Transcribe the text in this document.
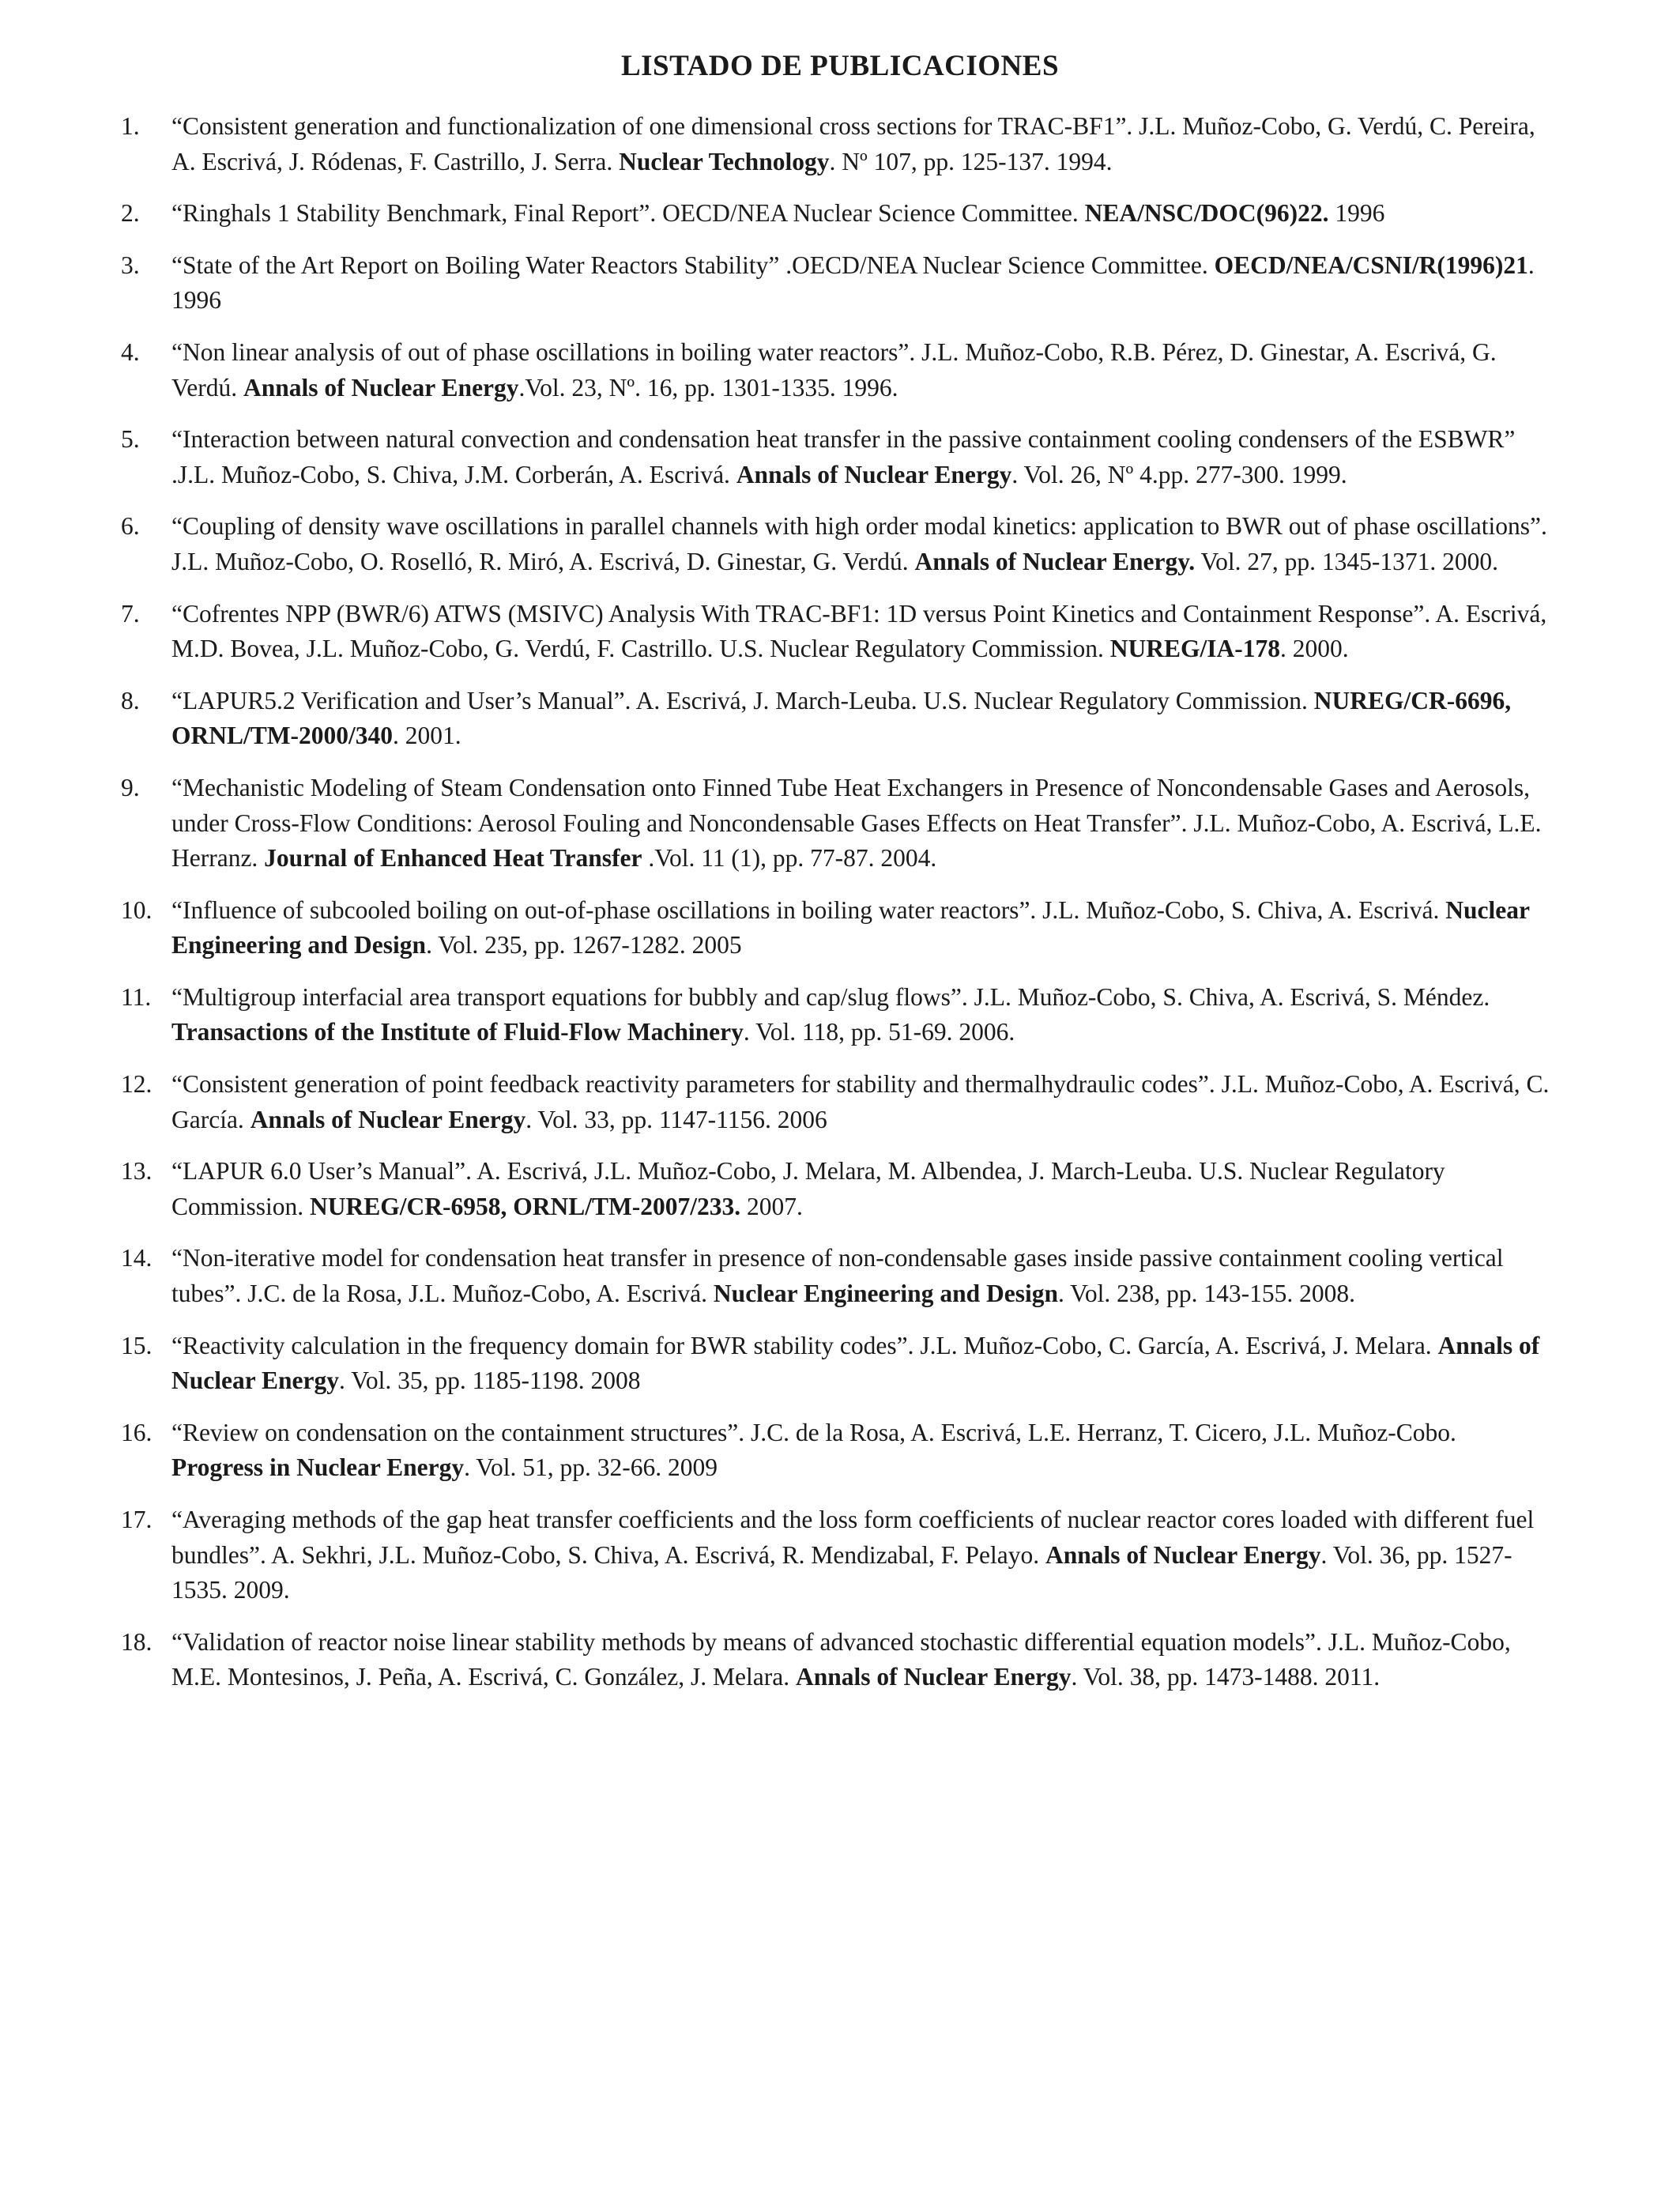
LISTADO DE PUBLICACIONES
1. “Consistent generation and functionalization of one dimensional cross sections for TRAC-BF1”. J.L. Muñoz-Cobo, G. Verdú, C. Pereira, A. Escrivá, J. Ródenas, F. Castrillo, J. Serra. Nuclear Technology. Nº 107, pp. 125-137. 1994.
2. “Ringhals 1 Stability Benchmark, Final Report”. OECD/NEA Nuclear Science Committee. NEA/NSC/DOC(96)22. 1996
3. “State of the Art Report on Boiling Water Reactors Stability” .OECD/NEA Nuclear Science Committee. OECD/NEA/CSNI/R(1996)21. 1996
4. “Non linear analysis of out of phase oscillations in boiling water reactors”. J.L. Muñoz-Cobo, R.B. Pérez, D. Ginestar, A. Escrivá, G. Verdú. Annals of Nuclear Energy.Vol. 23, Nº. 16, pp. 1301-1335. 1996.
5. “Interaction between natural convection and condensation heat transfer in the passive containment cooling condensers of the ESBWR” .J.L. Muñoz-Cobo, S. Chiva, J.M. Corberán, A. Escrivá. Annals of Nuclear Energy. Vol. 26, Nº 4.pp. 277-300. 1999.
6. “Coupling of density wave oscillations in parallel channels with high order modal kinetics: application to BWR out of phase oscillations”. J.L. Muñoz-Cobo, O. Roselló, R. Miró, A. Escrivá, D. Ginestar, G. Verdú. Annals of Nuclear Energy. Vol. 27, pp. 1345-1371. 2000.
7. “Cofrentes NPP (BWR/6) ATWS (MSIVC) Analysis With TRAC-BF1: 1D versus Point Kinetics and Containment Response”. A. Escrivá, M.D. Bovea, J.L. Muñoz-Cobo, G. Verdú, F. Castrillo. U.S. Nuclear Regulatory Commission. NUREG/IA-178. 2000.
8. “LAPUR5.2 Verification and User’s Manual”. A. Escrivá, J. March-Leuba. U.S. Nuclear Regulatory Commission. NUREG/CR-6696, ORNL/TM-2000/340. 2001.
9. “Mechanistic Modeling of Steam Condensation onto Finned Tube Heat Exchangers in Presence of Noncondensable Gases and Aerosols, under Cross-Flow Conditions: Aerosol Fouling and Noncondensable Gases Effects on Heat Transfer”. J.L. Muñoz-Cobo, A. Escrivá, L.E. Herranz. Journal of Enhanced Heat Transfer .Vol. 11 (1), pp. 77-87. 2004.
10. “Influence of subcooled boiling on out-of-phase oscillations in boiling water reactors”. J.L. Muñoz-Cobo, S. Chiva, A. Escrivá. Nuclear Engineering and Design. Vol. 235, pp. 1267-1282. 2005
11. “Multigroup interfacial area transport equations for bubbly and cap/slug flows”. J.L. Muñoz-Cobo, S. Chiva, A. Escrivá, S. Méndez. Transactions of the Institute of Fluid-Flow Machinery. Vol. 118, pp. 51-69. 2006.
12. “Consistent generation of point feedback reactivity parameters for stability and thermalhydraulic codes”. J.L. Muñoz-Cobo, A. Escrivá, C. García. Annals of Nuclear Energy. Vol. 33, pp. 1147-1156. 2006
13. “LAPUR 6.0 User’s Manual”. A. Escrivá, J.L. Muñoz-Cobo, J. Melara, M. Albendea, J. March-Leuba. U.S. Nuclear Regulatory Commission. NUREG/CR-6958, ORNL/TM-2007/233. 2007.
14. “Non-iterative model for condensation heat transfer in presence of non-condensable gases inside passive containment cooling vertical tubes”. J.C. de la Rosa, J.L. Muñoz-Cobo, A. Escrivá. Nuclear Engineering and Design. Vol. 238, pp. 143-155. 2008.
15. “Reactivity calculation in the frequency domain for BWR stability codes”. J.L. Muñoz-Cobo, C. García, A. Escrivá, J. Melara. Annals of Nuclear Energy. Vol. 35, pp. 1185-1198. 2008
16. “Review on condensation on the containment structures”. J.C. de la Rosa, A. Escrivá, L.E. Herranz, T. Cicero, J.L. Muñoz-Cobo. Progress in Nuclear Energy. Vol. 51, pp. 32-66. 2009
17. “Averaging methods of the gap heat transfer coefficients and the loss form coefficients of nuclear reactor cores loaded with different fuel bundles”. A. Sekhri, J.L. Muñoz-Cobo, S. Chiva, A. Escrivá, R. Mendizabal, F. Pelayo. Annals of Nuclear Energy. Vol. 36, pp. 1527-1535. 2009.
18. “Validation of reactor noise linear stability methods by means of advanced stochastic differential equation models”. J.L. Muñoz-Cobo, M.E. Montesinos, J. Peña, A. Escrivá, C. González, J. Melara. Annals of Nuclear Energy. Vol. 38, pp. 1473-1488. 2011.
